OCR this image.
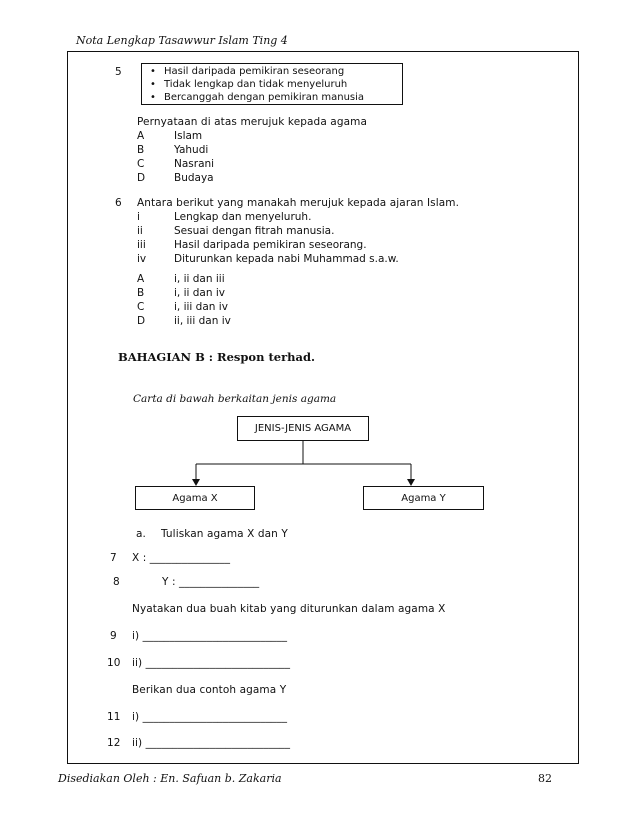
Nota Lengkap Tasawwur Islam Ting 4
5	• Hasil daripada pemikiran seseorang
• Tidak lengkap dan tidak menyeluruh
• Bercanggah dengan pemikiran manusia
Pernyataan di atas merujuk kepada agama
A	Islam
B	Yahudi
C	Nasrani
D	Budaya
6 Antara berikut yang manakah merujuk kepada ajaran Islam.
i	Lengkap dan menyeluruh.
ii	Sesuai dengan fitrah manusia.
iii	Hasil daripada pemikiran seseorang.
iv	Diturunkan kepada nabi Muhammad s.a.w.
A	i, ii dan iii
B	i, ii dan iv
C	i, iii dan iv
D	ii, iii dan iv
BAHAGIAN B : Respon terhad.
Carta di bawah berkaitan jenis agama
JENIS-JENIS AGAMA
Agama X	Agama Y
a. Tuliskan agama X dan Y
7 X : _______________
8	Y : _______________
Nyatakan dua buah kitab yang diturunkan dalam agama X
9 i) ___________________________
10 ii) ___________________________
Berikan dua contoh agama Y
11 i) ___________________________
12 ii) ___________________________
Disediakan Oleh : En. Safuan b. Zakaria	82
